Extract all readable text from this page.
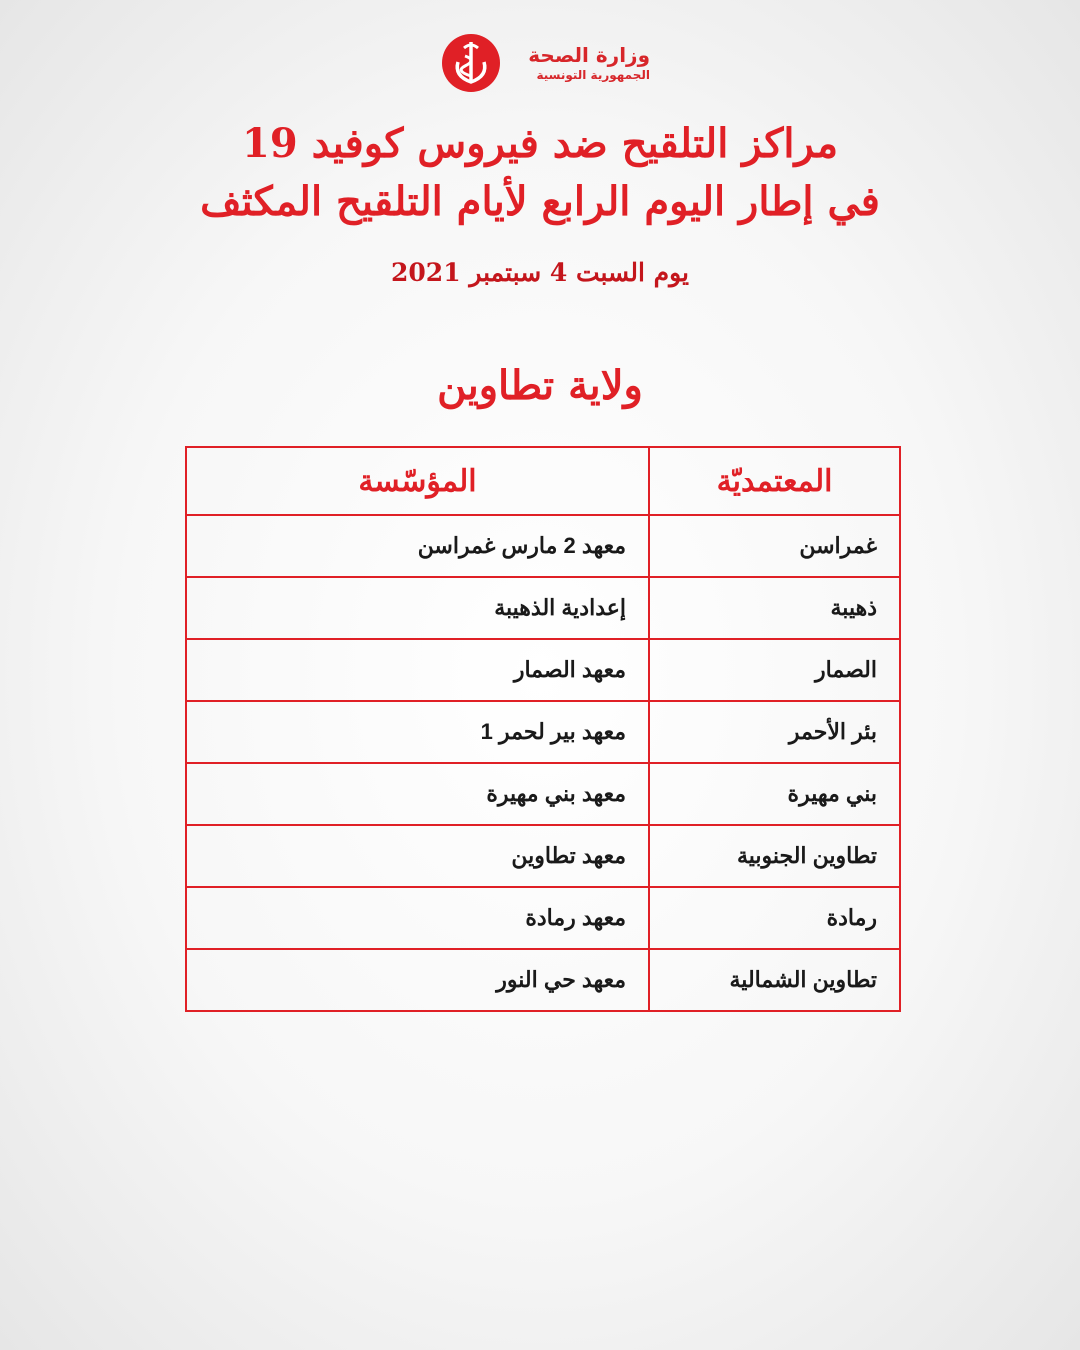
وزارة الصحة
الجمهورية التونسية
مراكز التلقيح ضد فيروس كوفيد 19
في إطار اليوم الرابع لأيام التلقيح المكثف
يوم السبت 4 سبتمبر 2021
ولاية تطاوين
المعتمديّة	المؤسّسة
غمراسن	معهد 2 مارس غمراسن
ذهيبة	إعدادية الذهيبة
الصمار	معهد الصمار
بئر الأحمر	معهد بير لحمر 1
بني مهيرة	معهد بني مهيرة
تطاوين الجنوبية	معهد تطاوين
رمادة	معهد رمادة
تطاوين الشمالية	معهد حي النور
